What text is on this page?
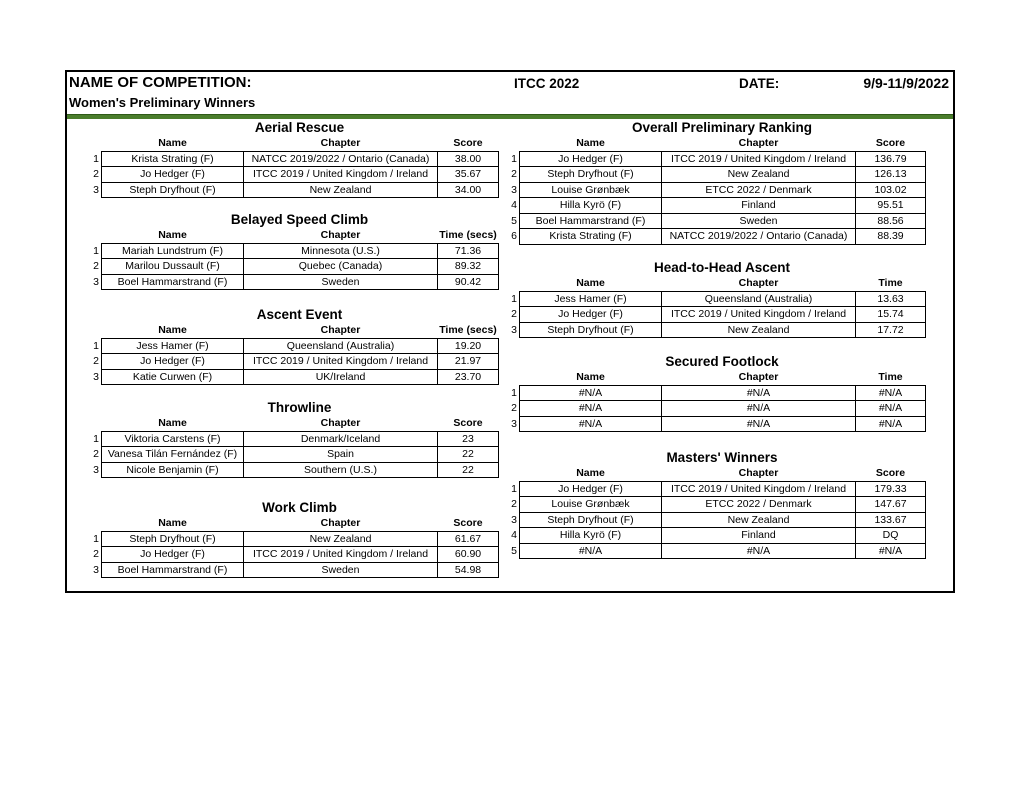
NAME OF COMPETITION:	ITCC 2022	DATE:	9/9-11/9/2022
Women's Preliminary Winners
Aerial Rescue
	Name	Chapter	Score
1	Krista Strating (F)	NATCC 2019/2022 / Ontario (Canada)	38.00
2	Jo Hedger (F)	ITCC 2019 / United Kingdom / Ireland	35.67
3	Steph Dryfhout (F)	New Zealand	34.00
Belayed Speed Climb
	Name	Chapter	Time (secs)
1	Mariah Lundstrum (F)	Minnesota (U.S.)	71.36
2	Marilou Dussault (F)	Quebec (Canada)	89.32
3	Boel Hammarstrand (F)	Sweden	90.42
Ascent Event
	Name	Chapter	Time (secs)
1	Jess Hamer (F)	Queensland (Australia)	19.20
2	Jo Hedger (F)	ITCC 2019 / United Kingdom / Ireland	21.97
3	Katie Curwen (F)	UK/Ireland	23.70
Throwline
	Name	Chapter	Score
1	Viktoria Carstens (F)	Denmark/Iceland	23
2	Vanesa Tilán Fernández (F)	Spain	22
3	Nicole Benjamin (F)	Southern (U.S.)	22
Work Climb
	Name	Chapter	Score
1	Steph Dryfhout (F)	New Zealand	61.67
2	Jo Hedger (F)	ITCC 2019 / United Kingdom / Ireland	60.90
3	Boel Hammarstrand (F)	Sweden	54.98
Overall Preliminary Ranking
	Name	Chapter	Score
1	Jo Hedger (F)	ITCC 2019 / United Kingdom / Ireland	136.79
2	Steph Dryfhout (F)	New Zealand	126.13
3	Louise Grønbæk	ETCC 2022 / Denmark	103.02
4	Hilla Kyrö (F)	Finland	95.51
5	Boel Hammarstrand (F)	Sweden	88.56
6	Krista Strating (F)	NATCC 2019/2022 / Ontario (Canada)	88.39
Head-to-Head Ascent
	Name	Chapter	Time
1	Jess Hamer (F)	Queensland (Australia)	13.63
2	Jo Hedger (F)	ITCC 2019 / United Kingdom / Ireland	15.74
3	Steph Dryfhout (F)	New Zealand	17.72
Secured Footlock
	Name	Chapter	Time
1	#N/A	#N/A	#N/A
2	#N/A	#N/A	#N/A
3	#N/A	#N/A	#N/A
Masters' Winners
	Name	Chapter	Score
1	Jo Hedger (F)	ITCC 2019 / United Kingdom / Ireland	179.33
2	Louise Grønbæk	ETCC 2022 / Denmark	147.67
3	Steph Dryfhout (F)	New Zealand	133.67
4	Hilla Kyrö (F)	Finland	DQ
5	#N/A	#N/A	#N/A
